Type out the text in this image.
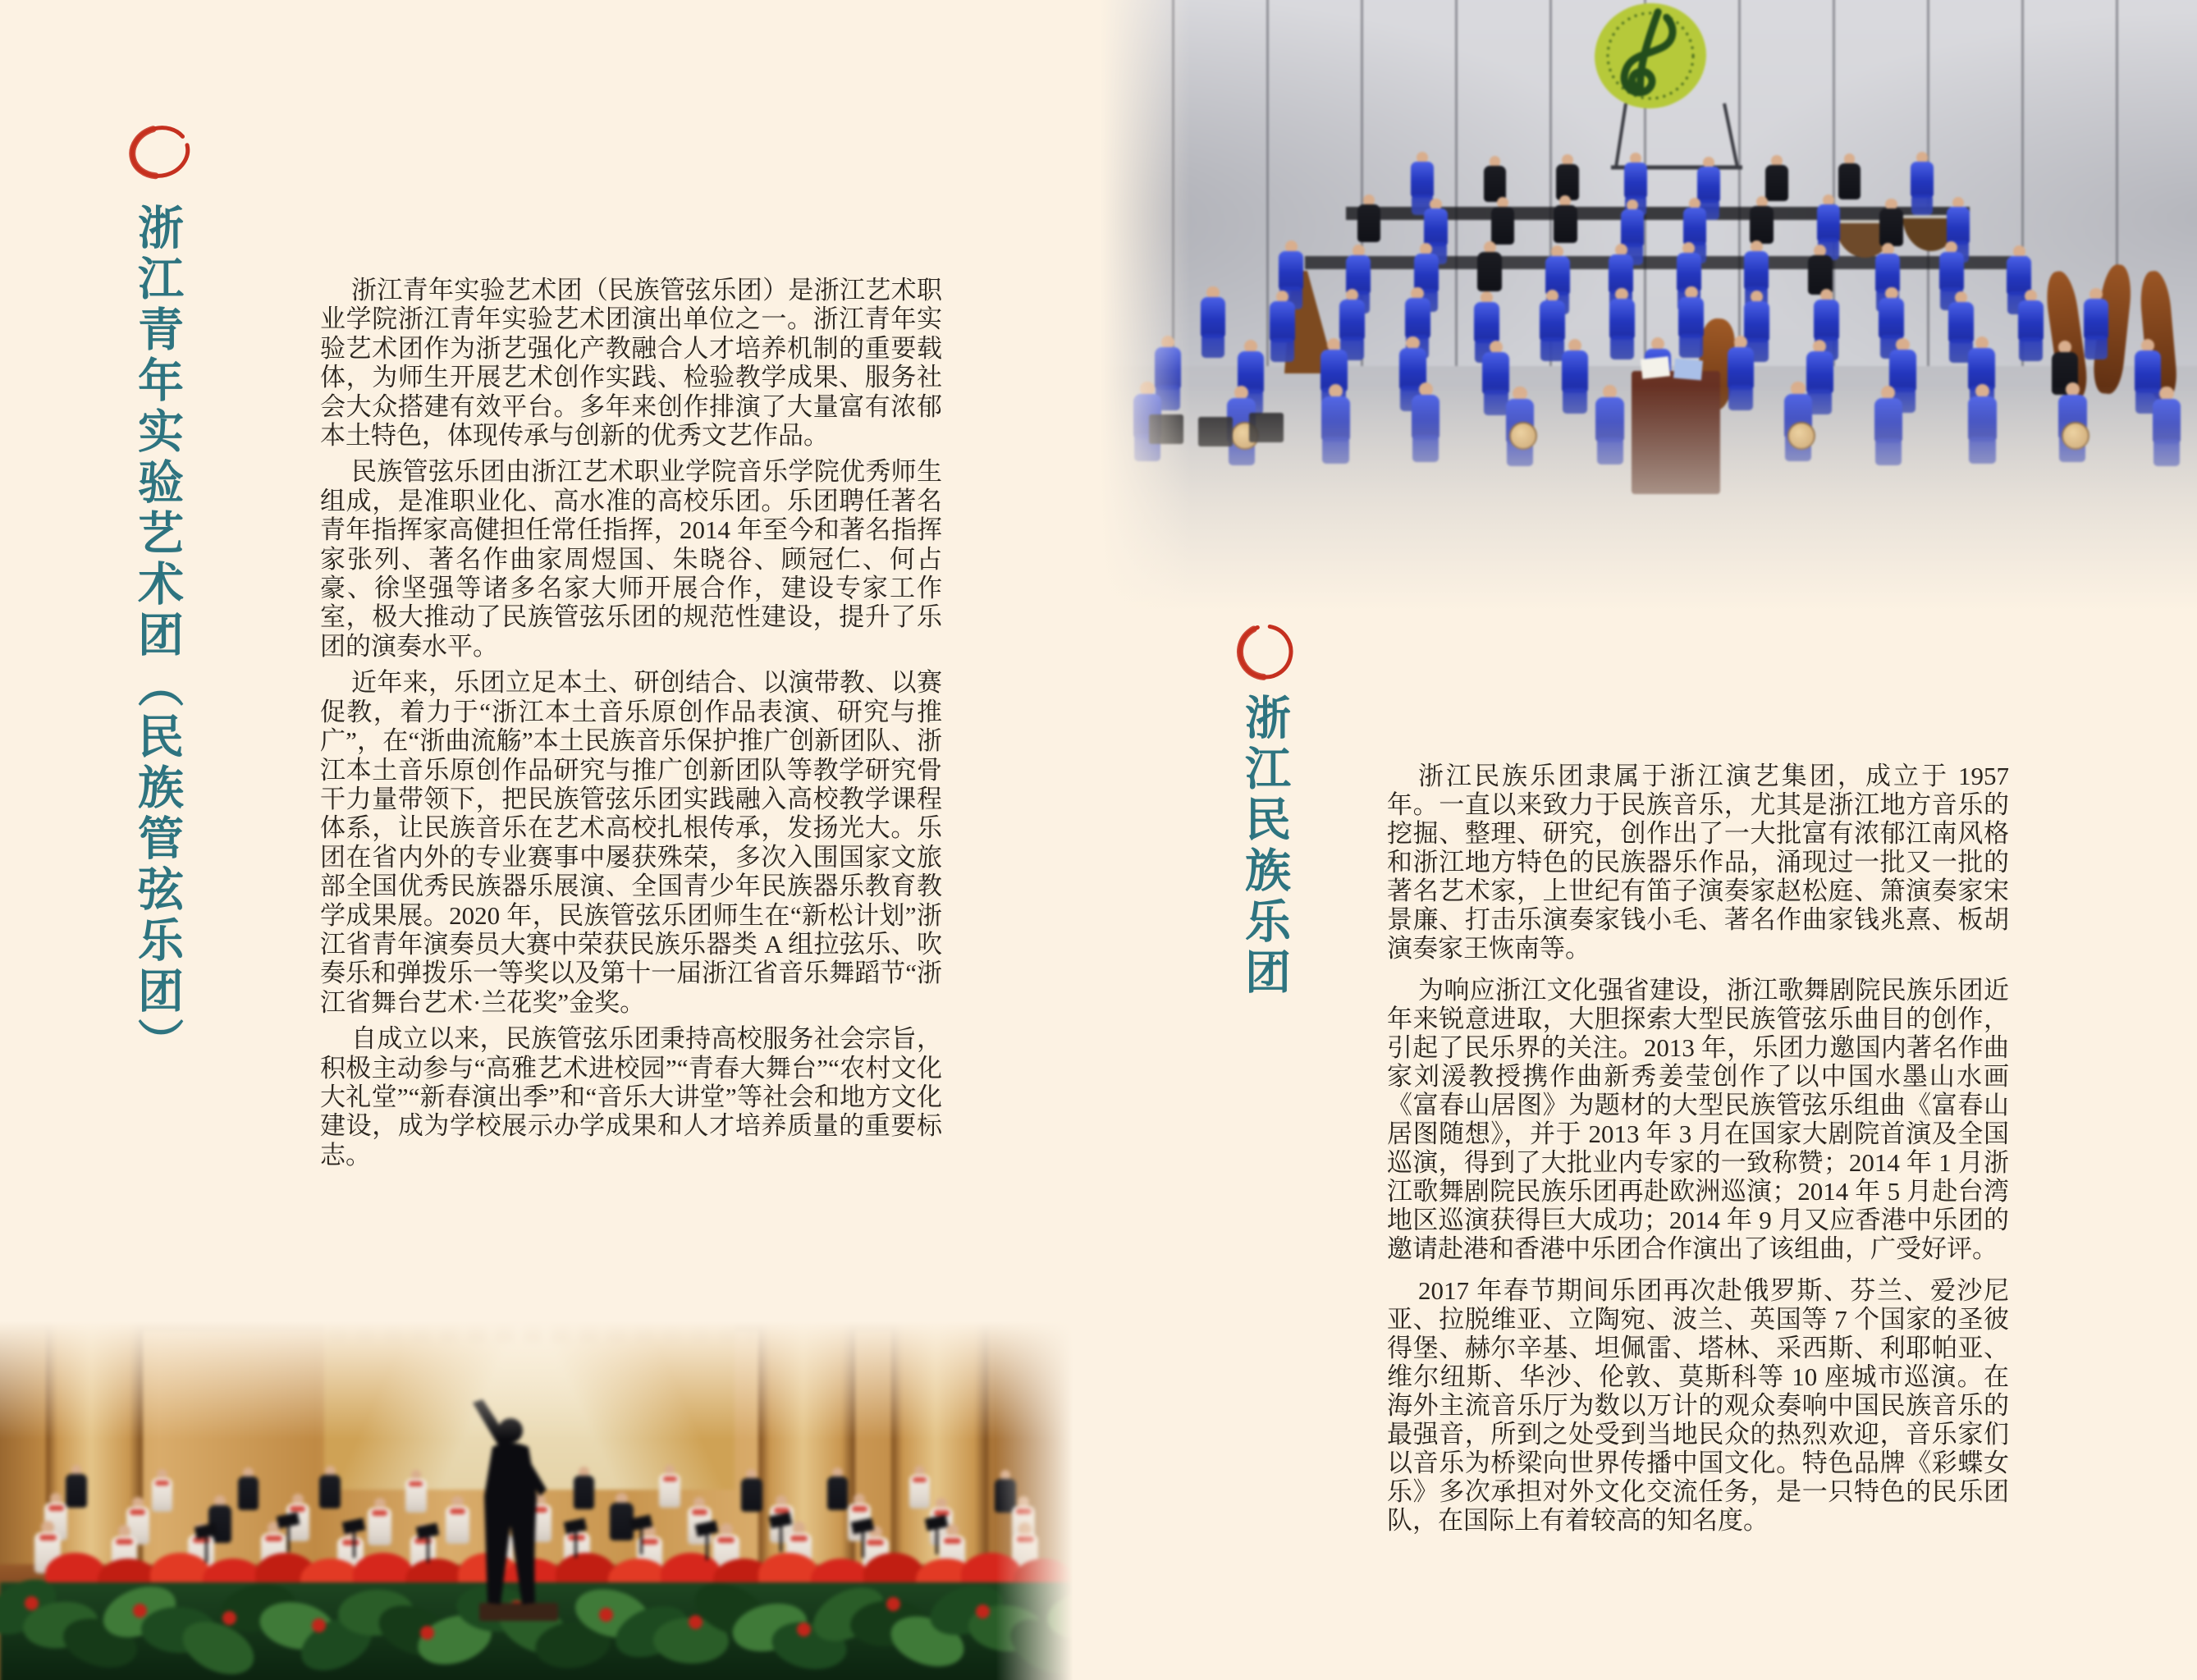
浙江青年实验艺术团（民族管弦乐团）	浙江青年实验艺术团（民族管弦乐团）是浙江艺术职业学院浙江青年实验艺术团演出单位之一。浙江青年实验艺术团作为浙艺强化产教融合人才培养机制的重要载体，为师生开展艺术创作实践、检验教学成果、服务社会大众搭建有效平台。多年来创作排演了大量富有浓郁本土特色，体现传承与创新的优秀文艺作品。

民族管弦乐团由浙江艺术职业学院音乐学院优秀师生组成，是准职业化、高水准的高校乐团。乐团聘任著名青年指挥家高健担任常任指挥，2014 年至今和著名指挥家张列、著名作曲家周煜国、朱晓谷、顾冠仁、何占豪、徐坚强等诸多名家大师开展合作，建设专家工作室，极大推动了民族管弦乐团的规范性建设，提升了乐团的演奏水平。

近年来，乐团立足本土、研创结合、以演带教、以赛促教，着力于“浙江本土音乐原创作品表演、研究与推广”，在“浙曲流觞”本土民族音乐保护推广创新团队、浙江本土音乐原创作品研究与推广创新团队等教学研究骨干力量带领下，把民族管弦乐团实践融入高校教学课程体系，让民族音乐在艺术高校扎根传承，发扬光大。乐团在省内外的专业赛事中屡获殊荣，多次入围国家文旅部全国优秀民族器乐展演、全国青少年民族器乐教育教学成果展。2020 年，民族管弦乐团师生在“新松计划”浙江省青年演奏员大赛中荣获民族乐器类 A 组拉弦乐、吹奏乐和弹拨乐一等奖以及第十一届浙江省音乐舞蹈节“浙江省舞台艺术·兰花奖”金奖。

自成立以来，民族管弦乐团秉持高校服务社会宗旨，积极主动参与“高雅艺术进校园”“青春大舞台”“农村文化大礼堂”“新春演出季”和“音乐大讲堂”等社会和地方文化建设，成为学校展示办学成果和人才培养质量的重要标志。

浙江民族乐团	浙江民族乐团隶属于浙江演艺集团，成立于 1957 年。一直以来致力于民族音乐，尤其是浙江地方音乐的挖掘、整理、研究，创作出了一大批富有浓郁江南风格和浙江地方特色的民族器乐作品，涌现过一批又一批的著名艺术家，上世纪有笛子演奏家赵松庭、箫演奏家宋景廉、打击乐演奏家钱小毛、著名作曲家钱兆熹、板胡演奏家王恢南等。

为响应浙江文化强省建设，浙江歌舞剧院民族乐团近年来锐意进取，大胆探索大型民族管弦乐曲目的创作，引起了民乐界的关注。2013 年，乐团力邀国内著名作曲家刘湲教授携作曲新秀姜莹创作了以中国水墨山水画《富春山居图》为题材的大型民族管弦乐组曲《富春山居图随想》，并于 2013 年 3 月在国家大剧院首演及全国巡演，得到了大批业内专家的一致称赞；2014 年 1 月浙江歌舞剧院民族乐团再赴欧洲巡演；2014 年 5 月赴台湾地区巡演获得巨大成功；2014 年 9 月又应香港中乐团的邀请赴港和香港中乐团合作演出了该组曲，广受好评。

2017 年春节期间乐团再次赴俄罗斯、芬兰、爱沙尼亚、拉脱维亚、立陶宛、波兰、英国等 7 个国家的圣彼得堡、赫尔辛基、坦佩雷、塔林、采西斯、利耶帕亚、维尔纽斯、华沙、伦敦、莫斯科等 10 座城市巡演。在海外主流音乐厅为数以万计的观众奏响中国民族音乐的最强音，所到之处受到当地民众的热烈欢迎，音乐家们以音乐为桥梁向世界传播中国文化。特色品牌《彩蝶女乐》多次承担对外文化交流任务，是一只特色的民乐团队，在国际上有着较高的知名度。
